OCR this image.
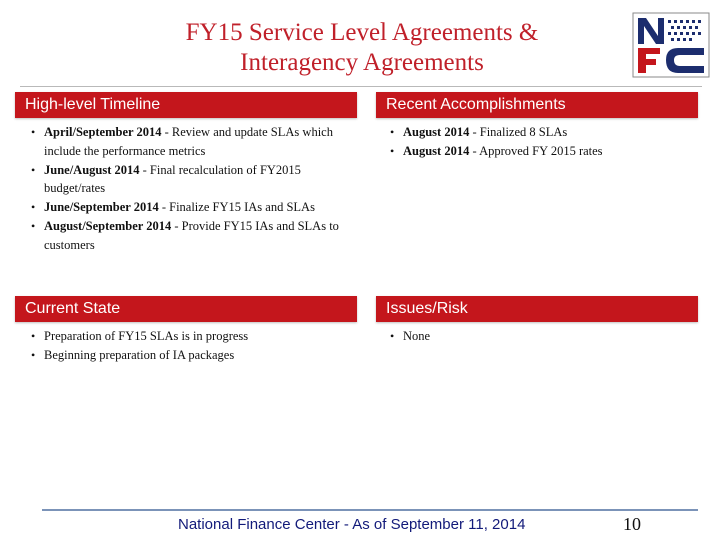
FY15 Service Level Agreements &
Interagency Agreements
High-level Timeline
• April/September 2014 - Review and update SLAs which include the performance metrics
• June/August 2014 - Final recalculation of FY2015 budget/rates
• June/September 2014 - Finalize FY15 IAs and SLAs
• August/September 2014 - Provide FY15 IAs and SLAs to customers
Recent Accomplishments
• August 2014 - Finalized 8 SLAs
• August 2014 - Approved FY 2015 rates
Current State
• Preparation of FY15 SLAs is in progress
• Beginning preparation of IA packages
Issues/Risk
• None
National Finance Center - As of September 11, 2014	10
